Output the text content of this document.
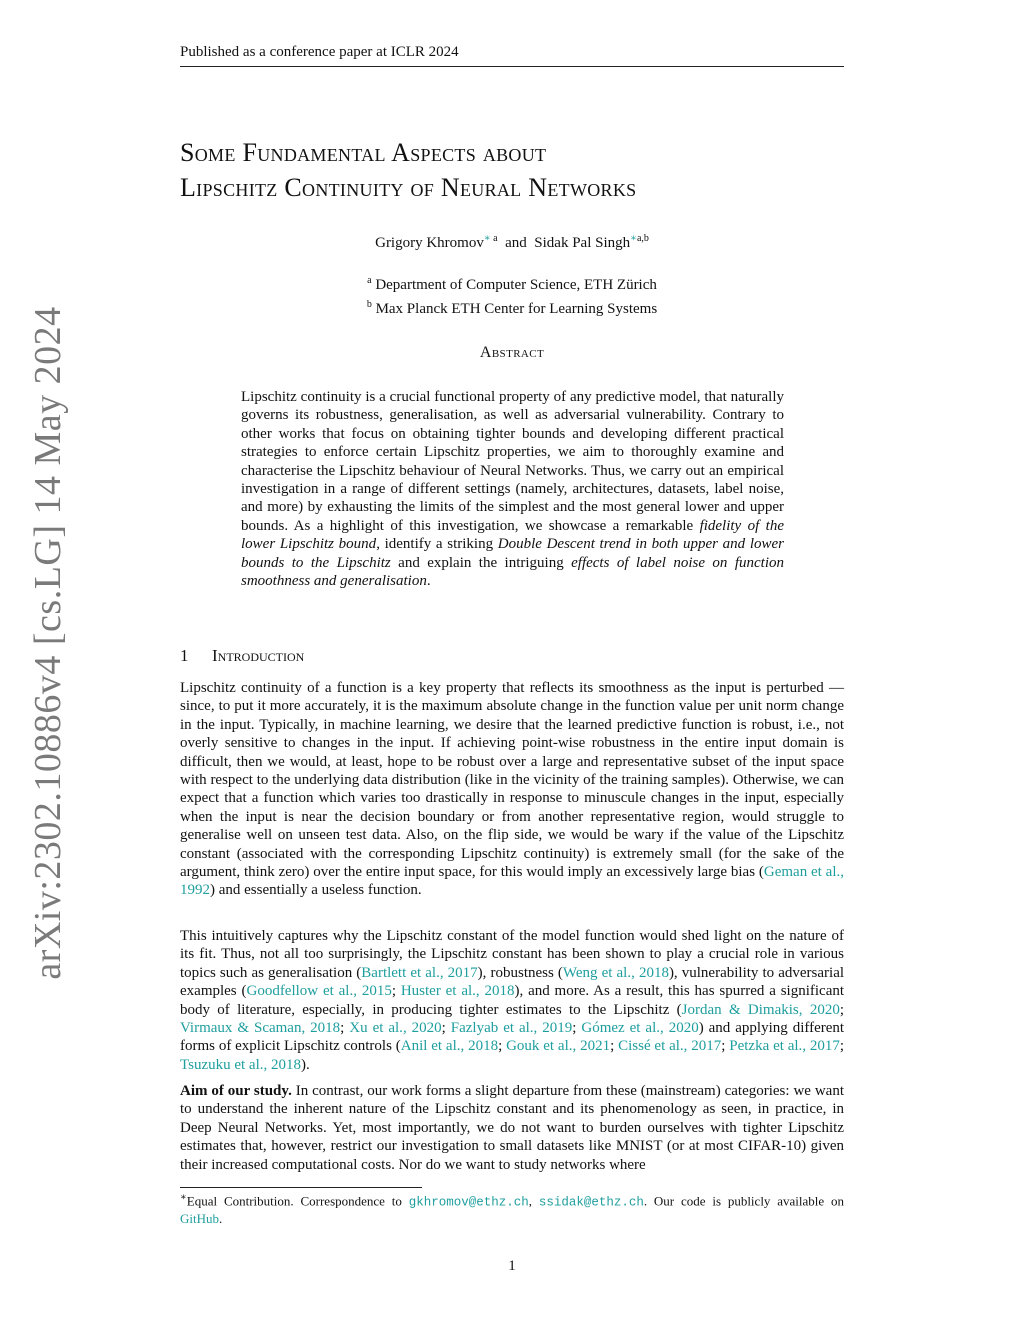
Published as a conference paper at ICLR 2024
arXiv:2302.10886v4 [cs.LG] 14 May 2024
Some Fundamental Aspects about
Lipschitz Continuity of Neural Networks
Grigory Khromov$^{∗ a}$ and Sidak Pal Singh$^{∗a,b}$
$^a$ Department of Computer Science, ETH Zürich
$^b$ Max Planck ETH Center for Learning Systems
Abstract
Lipschitz continuity is a crucial functional property of any predictive model, that naturally governs its robustness, generalisation, as well as adversarial vulnerability. Contrary to other works that focus on obtaining tighter bounds and developing different practical strategies to enforce certain Lipschitz properties, we aim to thoroughly examine and characterise the Lipschitz behaviour of Neural Networks. Thus, we carry out an empirical investigation in a range of different settings (namely, architectures, datasets, label noise, and more) by exhausting the limits of the simplest and the most general lower and upper bounds. As a highlight of this investigation, we showcase a remarkable fidelity of the lower Lipschitz bound, identify a striking Double Descent trend in both upper and lower bounds to the Lipschitz and explain the intriguing effects of label noise on function smoothness and generalisation.
1 Introduction
Lipschitz continuity of a function is a key property that reflects its smoothness as the input is perturbed — since, to put it more accurately, it is the maximum absolute change in the function value per unit norm change in the input. Typically, in machine learning, we desire that the learned predictive function is robust, i.e., not overly sensitive to changes in the input. If achieving point-wise robustness in the entire input domain is difficult, then we would, at least, hope to be robust over a large and representative subset of the input space with respect to the underlying data distribution (like in the vicinity of the training samples). Otherwise, we can expect that a function which varies too drastically in response to minuscule changes in the input, especially when the input is near the decision boundary or from another representative region, would struggle to generalise well on unseen test data. Also, on the flip side, we would be wary if the value of the Lipschitz constant (associated with the corresponding Lipschitz continuity) is extremely small (for the sake of the argument, think zero) over the entire input space, for this would imply an excessively large bias (Geman et al., 1992) and essentially a useless function.
This intuitively captures why the Lipschitz constant of the model function would shed light on the nature of its fit. Thus, not all too surprisingly, the Lipschitz constant has been shown to play a crucial role in various topics such as generalisation (Bartlett et al., 2017), robustness (Weng et al., 2018), vulnerability to adversarial examples (Goodfellow et al., 2015; Huster et al., 2018), and more. As a result, this has spurred a significant body of literature, especially, in producing tighter estimates to the Lipschitz (Jordan & Dimakis, 2020; Virmaux & Scaman, 2018; Xu et al., 2020; Fazlyab et al., 2019; Gómez et al., 2020) and applying different forms of explicit Lipschitz controls (Anil et al., 2018; Gouk et al., 2021; Cissé et al., 2017; Petzka et al., 2017; Tsuzuku et al., 2018).
Aim of our study. In contrast, our work forms a slight departure from these (mainstream) categories: we want to understand the inherent nature of the Lipschitz constant and its phenomenology as seen, in practice, in Deep Neural Networks. Yet, most importantly, we do not want to burden ourselves with tighter Lipschitz estimates that, however, restrict our investigation to small datasets like MNIST (or at most CIFAR-10) given their increased computational costs. Nor do we want to study networks where
∗Equal Contribution. Correspondence to gkhromov@ethz.ch, ssidak@ethz.ch. Our code is publicly available on GitHub.
1
